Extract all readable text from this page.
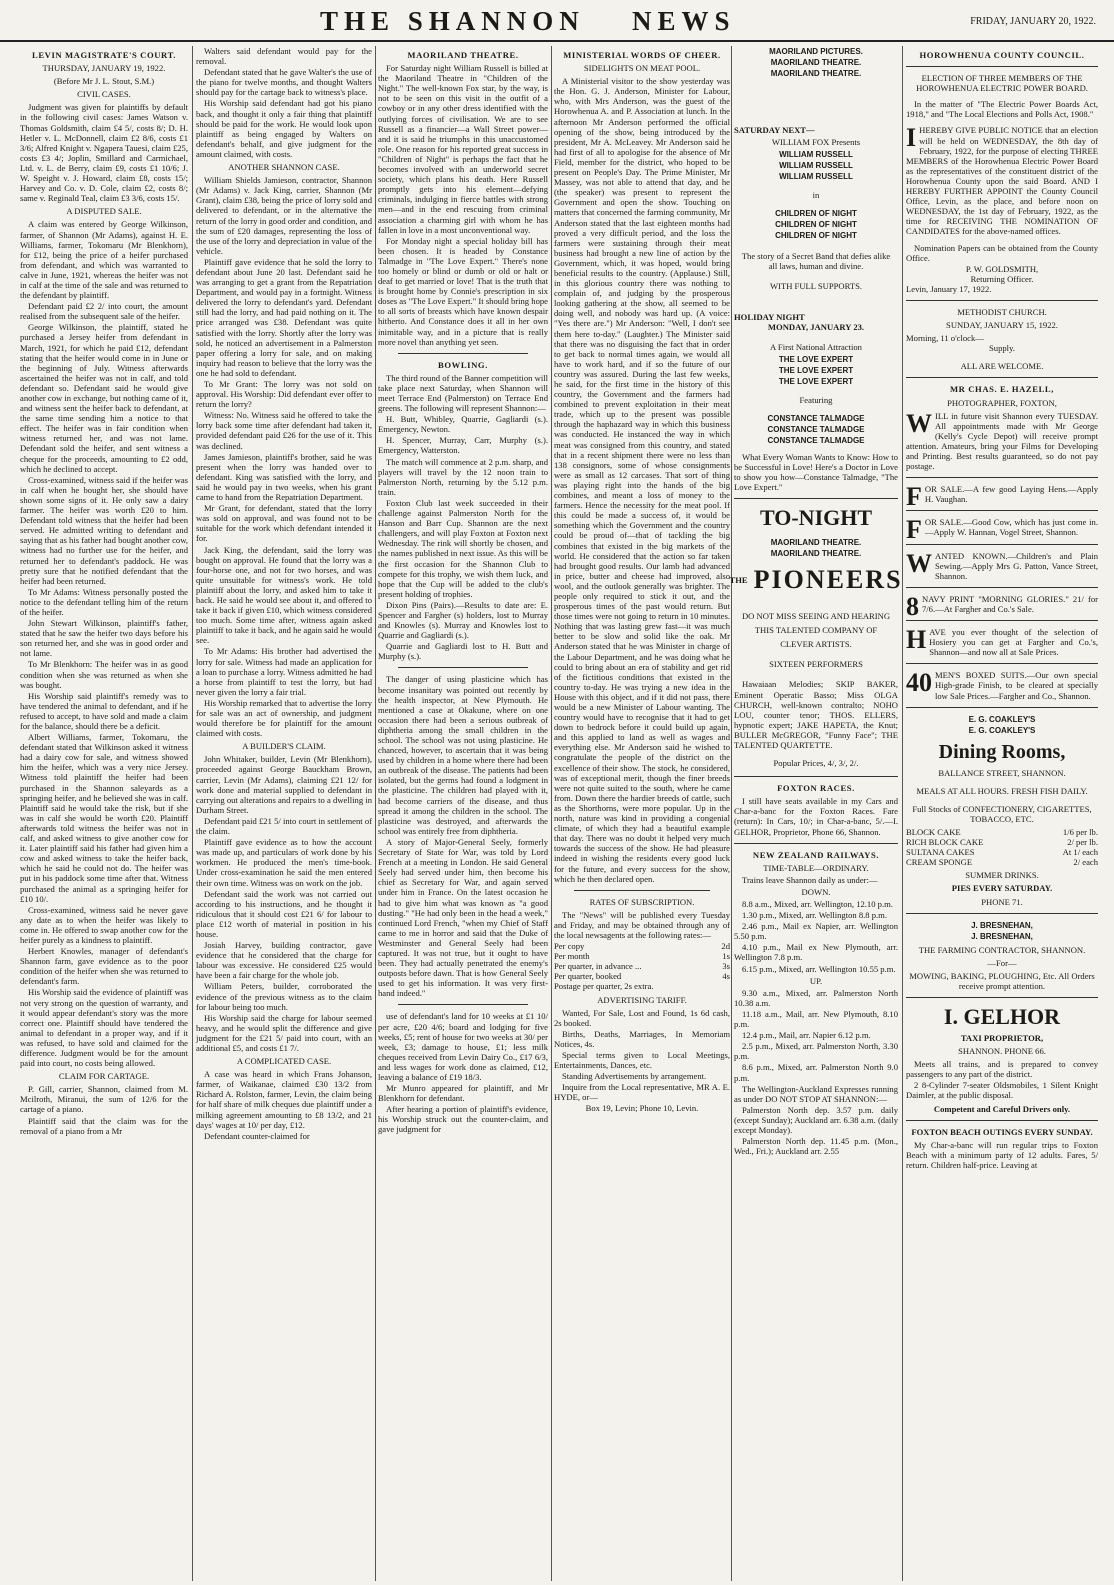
THE SHANNON NEWS	FRIDAY, JANUARY 20, 1922.
LEVIN MAGISTRATE'S COURT.
THURSDAY, JANUARY 19, 1922.
(Before Mr J. L. Stout, S.M.)
CIVIL CASES.

Judgment was given for plaintiffs by default in the following civil cases: James Watson v. Thomas Goldsmith, claim £4 5/, costs 8/; D. H. Hetler v. L. McDonnell, claim £2 8/6, costs £1 3/6; Alfred Knight v. Ngapera Tauesi, claim £25, costs £3 4/; Joplin, Smillard and Carmichael, Ltd. v. L. de Berry, claim £9, costs £1 10/6; J. W. Speight v. J. Howard, claim £8, costs 15/; Harvey and Co. v. D. Cole, claim £2, costs 8/; same v. Reginald Teal, claim £3 3/6, costs 15/.

A DISPUTED SALE.

A claim was entered by George Wilkinson, farmer, of Shannon (Mr Adams), against H. E. Williams, farmer, Tokomaru (Mr Blenkhorn), for £12, being the price of a heifer purchased from defendant, and which was warranted to calve in June, 1921, whereas the heifer was not in calf at the time of the sale and was returned to the defendant by plaintiff.

Defendant paid £2 2/ into court, the amount realised from the subsequent sale of the heifer.

George Wilkinson, the plaintiff, stated he purchased a Jersey heifer from defendant in March, 1921, for which he paid £12, defendant stating that the heifer would come in in June or the beginning of July. Witness afterwards ascertained the heifer was not in calf, and told defendant so. Defendant said he would give another cow in exchange, but nothing came of it, and witness sent the heifer back to defendant, at the same time sending him a notice to that effect. The heifer was in fair condition when witness returned her, and was not lame. Defendant sold the heifer, and sent witness a cheque for the proceeds, amounting to £2 odd, which he declined to accept.

Cross-examined, witness said if the heifer was in calf when he bought her, she should have shown some signs of it. He only saw a dairy farmer. The heifer was worth £20 to him. Defendant told witness that the heifer had been served. He admitted writing to defendant and saying that as his father had bought another cow, witness had no further use for the heifer, and returned her to defendant's paddock. He was pretty sure that he notified defendant that the heifer had been returned.

To Mr Adams: Witness personally posted the notice to the defendant telling him of the return of the heifer.

John Stewart Wilkinson, plaintiff's father, stated that he saw the heifer two days before his son returned her, and she was in good order and not lame.

To Mr Blenkhorn: The heifer was in as good condition when she was returned as when she was bought.

His Worship said plaintiff's remedy was to have tendered the animal to defendant, and if he refused to accept, to have sold and made a claim for the balance, should there be a deficit.

Albert Williams, farmer, Tokomaru, the defendant stated that Wilkinson asked it witness had a dairy cow for sale, and witness showed him the heifer, which was a very nice Jersey. Witness told plaintiff the heifer had been purchased in the Shannon saleyards as a springing heifer, and he believed she was in calf. Plaintiff said he would take the risk, but if she was in calf she would be worth £20. Plaintiff afterwards told witness the heifer was not in calf, and asked witness to give another cow for it. Later plaintiff said his father had given him a cow and asked witness to take the heifer back, which he said he could not do. The heifer was put in his paddock some time after that. Witness purchased the animal as a springing heifer for £10 10/.

Cross-examined, witness said he never gave any date as to when the heifer was likely to come in. He offered to swap another cow for the heifer purely as a kindness to plaintiff.

Herbert Knowles, manager of defendant's Shannon farm, gave evidence as to the poor condition of the heifer when she was returned to defendant's farm.

His Worship said the evidence of plaintiff was not very strong on the question of warranty, and it would appear defendant's story was the more correct one. Plaintiff should have tendered the animal to defendant in a proper way, and if it was refused, to have sold and claimed for the difference. Judgment would be for the amount paid into court, no costs being allowed.

CLAIM FOR CARTAGE.

P. Gill, carrier, Shannon, claimed from M. Mcilroth, Miranui, the sum of 12/6 for the cartage of a piano.

Plaintiff said that the claim was for the removal of a piano from a Mr

Walters said defendant would pay for the removal.

Defendant stated that he gave Walter's the use of the piano for twelve months, and thought Walters should pay for the cartage back to witness's place.

His Worship said defendant had got his piano back, and thought it only a fair thing that plaintiff should be paid for the work. He would look upon plaintiff as being engaged by Walters on defendant's behalf, and give judgment for the amount claimed, with costs.

ANOTHER SHANNON CASE.

William Shields Jamieson, contractor, Shannon (Mr Adams) v. Jack King, carrier, Shannon (Mr Grant), claim £38, being the price of lorry sold and delivered to defendant, or in the alternative the return of the lorry in good order and condition, and the sum of £20 damages, representing the loss of the use of the lorry and depreciation in value of the vehicle.

Plaintiff gave evidence that he sold the lorry to defendant about June 20 last. Defendant said he was arranging to get a grant from the Repatriation Department, and would pay in a fortnight. Witness delivered the lorry to defendant's yard. Defendant still had the lorry, and had paid nothing on it. The price arranged was £38. Defendant was quite satisfied with the lorry. Shortly after the lorry was sold, he noticed an advertisement in a Palmerston paper offering a lorry for sale, and on making inquiry had reason to believe that the lorry was the one he had sold to defendant.

To Mr Grant: The lorry was not sold on approval. His Worship: Did defendant ever offer to return the lorry?

Witness: No. Witness said he offered to take the lorry back some time after defendant had taken it, provided defendant paid £26 for the use of it. This was declined.

James Jamieson, plaintiff's brother, said he was present when the lorry was handed over to defendant. King was satisfied with the lorry, and said he would pay in two weeks, when his grant came to hand from the Repatriation Department.

Mr Grant, for defendant, stated that the lorry was sold on approval, and was found not to be suitable for the work which defendant intended it for.

Jack King, the defendant, said the lorry was bought on approval. He found that the lorry was a four-horse one, and not for two horses, and was quite unsuitable for witness's work. He told plaintiff about the lorry, and asked him to take it back. He said he would see about it, and offered to take it back if given £10, which witness considered too much. Some time after, witness again asked plaintiff to take it back, and he again said he would see.

To Mr Adams: His brother had advertised the lorry for sale. Witness had made an application for a loan to purchase a lorry. Witness admitted he had a horse from plaintiff to test the lorry, but had never given the lorry a fair trial.

His Worship remarked that to advertise the lorry for sale was an act of ownership, and judgment would therefore be for plaintiff for the amount claimed with costs.

A BUILDER'S CLAIM.

John Whitaker, builder, Levin (Mr Blenkhorn), proceeded against George Bauckham Brown, carrier, Levin (Mr Adams), claiming £21 12/ for work done and material supplied to defendant in carrying out alterations and repairs to a dwelling in Durham Street.

Defendant paid £21 5/ into court in settlement of the claim.

Plaintiff gave evidence as to how the account was made up, and particulars of work done by his workmen. He produced the men's time-book. Under cross-examination he said the men entered their own time. Witness was on work on the job.

Defendant said the work was not carried out according to his instructions, and he thought it ridiculous that it should cost £21 6/ for labour to place £12 worth of material in position in his house.

Josiah Harvey, building contractor, gave evidence that he considered that the charge for labour was excessive. He considered £25 would have been a fair charge for the whole job.

William Peters, builder, corroborated the evidence of the previous witness as to the claim for labour being too much.

His Worship said the charge for labour seemed heavy, and he would split the difference and give judgment for the £21 5/ paid into court, with an additional £5, and costs £1 7/.

A COMPLICATED CASE.

A case was heard in which Frans Johanson, farmer, of Waikanae, claimed £30 13/2 from Richard A. Rolston, farmer, Levin, the claim being for half share of milk cheques due plaintiff under a milking agreement amounting to £8 13/2, and 21 days' wages at 10/ per day, £12.

Defendant counter-claimed for

MAORILAND THEATRE.

For Saturday night William Russell is billed at the Maoriland Theatre in "Children of the Night." The well-known Fox star, by the way, is not to be seen on this visit in the outfit of a cowboy or in any other dress identified with the outlying forces of civilisation. We are to see Russell as a financier—a Wall Street power—and it is said he triumphs in this unaccustomed role. One reason for his reported great success in "Children of Night" is perhaps the fact that he becomes involved with an underworld secret society, which plans his death. Here Russell promptly gets into his element—defying criminals, indulging in fierce battles with strong men—and in the end rescuing from criminal association a charming girl with whom he has fallen in love in a most unconventional way.

For Monday night a special holiday bill has been chosen. It is headed by Constance Talmadge in "The Love Expert." There's none too homely or blind or dumb or old or halt or deaf to get married or love! That is the truth that is brought home by Connie's prescription in six doses as "The Love Expert." It should bring hope to all sorts of breasts which have known despair hitherto. And Constance does it all in her own inimitable way, and in a picture that is really more novel than anything yet seen.

BOWLING.

The third round of the Banner competition will take place next Saturday, when Shannon will meet Terrace End (Palmerston) on Terrace End greens. The following will represent Shannon:—

H. Butt, Whibley, Quarrie, Gagliardi (s.). Emergency, Newton.

H. Spencer, Murray, Carr, Murphy (s.). Emergency, Watterston.

The match will commence at 2 p.m. sharp, and players will travel by the 12 noon train to Palmerston North, returning by the 5.12 p.m. train.

Foxton Club last week succeeded in their challenge against Palmerston North for the Hanson and Barr Cup. Shannon are the next challengers, and will play Foxton at Foxton next Wednesday. The rink will shortly be chosen, and the names published in next issue. As this will be the first occasion for the Shannon Club to compete for this trophy, we wish them luck, and hope that the Cup will be added to the club's present holding of trophies.

Dixon Pins (Pairs).—Results to date are: E. Spencer and Fargher (s) holders, lost to Murray and Knowles (s). Murray and Knowles lost to Quarrie and Gagliardi (s.).

Quarrie and Gagliardi lost to H. Butt and Murphy (s.).

The danger of using plasticine which has become insanitary was pointed out recently by the health inspector, at New Plymouth. He mentioned a case at Okakune, where on one occasion there had been a serious outbreak of diphtheria among the small children in the school. The school was not using plasticine. He chanced, however, to ascertain that it was being used by children in a home where there had been an outbreak of the disease. The patients had been isolated, but the germs had found a lodgment in the plasticine. The children had played with it, had become carriers of the disease, and thus spread it among the children in the school. The plasticine was destroyed, and afterwards the school was entirely free from diphtheria.

A story of Major-General Seely, formerly Secretary of State for War, was told by Lord French at a meeting in London. He said General Seely had served under him, then become his chief as Secretary for War, and again served under him in France. On the latest occasion he had to give him what was known as "a good dusting." "He had only been in the head a week," continued Lord French, "when my Chief of Staff came to me in horror and said that the Duke of Westminster and General Seely had been captured. It was not true, but it ought to have been. They had actually penetrated the enemy's outposts before dawn. That is how General Seely used to get his information. It was very first-hand indeed."

use of defendant's land for 10 weeks at £1 10/ per acre, £20 4/6; board and lodging for five weeks, £5; rent of house for two weeks at 30/ per week, £3; damage to house, £1; less milk cheques received from Levin Dairy Co., £17 6/3, and less wages for work done as claimed, £12, leaving a balance of £19 18/3.

Mr Munro appeared for plaintiff, and Mr Blenkhorn for defendant.

After hearing a portion of plaintiff's evidence, his Worship struck out the counter-claim, and gave judgment for

MINISTERIAL WORDS OF CHEER.
SIDELIGHTS ON MEAT POOL.

A Ministerial visitor to the show yesterday was the Hon. G. J. Anderson, Minister for Labour, who, with Mrs Anderson, was the guest of the Horowhenua A. and P. Association at lunch. In the afternoon Mr Anderson performed the official opening of the show, being introduced by the president, Mr A. McLeavey. Mr Anderson said he had first of all to apologise for the absence of Mr Field, member for the district, who hoped to be present on People's Day. The Prime Minister, Mr Massey, was not able to attend that day, and he (the speaker) was present to represent the Government and open the show. Touching on matters that concerned the farming community, Mr Anderson stated that the last eighteen months had proved a very difficult period, and the loss the farmers were sustaining through their meat business had brought a new line of action by the Government, which, it was hoped, would bring beneficial results to the country. (Applause.) Still, in this glorious country there was nothing to complain of, and judging by the prosperous looking gathering at the show, all seemed to be doing well, and nobody was hard up. (A voice: "Yes there are.") Mr Anderson: "Well, I don't see them here to-day." (Laughter.) The Minister said that there was no disguising the fact that in order to get back to normal times again, we would all have to work hard, and if so the future of our country was assured. During the last few weeks, he said, for the first time in the history of this country, the Government and the farmers had combined to prevent exploitation in their meat trade, which up to the present was possible through the haphazard way in which this business was conducted. He instanced the way in which meat was consigned from this country, and stated that in a recent shipment there were no less than 138 consignors, some of whose consignments were as small as 12 carcases. That sort of thing was playing right into the hands of the big combines, and meant a loss of money to the farmers. Hence the necessity for the meat pool. If this could be made a success of, it would be something which the Government and the country could be proud of—that of tackling the big combines that existed in the big markets of the world. He considered that the action so far taken had brought good results. Our lamb had advanced in price, butter and cheese had improved, also wool, and the outlook generally was brighter. The people only required to stick it out, and the prosperous times of the past would return. But those times were not going to return in 10 minutes. Nothing that was lasting grew fast—it was much better to be slow and solid like the oak. Mr Anderson stated that he was Minister in charge of the Labour Department, and he was doing what he could to bring about an era of stability and get rid of the fictitious conditions that existed in the country to-day. He was trying a new idea in the House with this object, and if it did not pass, there would be a new Minister of Labour wanting. The country would have to recognise that it had to get down to bedrock before it could build up again, and this applied to land as well as wages and everything else. Mr Anderson said he wished to congratulate the people of the district on the excellence of their show. The stock, he considered, was of exceptional merit, though the finer breeds were not quite suited to the south, where he came from. Down there the hardier breeds of cattle, such as the Shorthorns, were more popular. Up in the north, nature was kind in providing a congenial climate, of which they had a beautiful example that day. There was no doubt it helped very much towards the success of the show. He had pleasure indeed in wishing the residents every good luck for the future, and every success for the show, which he then declared open.

RATES OF SUBSCRIPTION.

The "News" will be published every Tuesday and Friday, and may be obtained through any of the local newsagents at the following rates:—

Per copy	2d
Per month	1s
Per quarter, in advance ...	3s
Per quarter, booked	4s
Postage per quarter, 2s extra.	
ADVERTISING TARIFF.

Wanted, For Sale, Lost and Found, 1s 6d cash, 2s booked.

Births, Deaths, Marriages, In Memoriam Notices, 4s.

Special terms given to Local Meetings, Entertainments, Dances, etc.

Standing Advertisements by arrangement.

Inquire from the Local representative, MR A. E. HYDE, or—

Box 19, Levin; Phone 10, Levin.
MAORILAND PICTURES.
MAORILAND THEATRE.
MAORILAND THEATRE.
SATURDAY NEXT—
WILLIAM FOX Presents
WILLIAM RUSSELL
WILLIAM RUSSELL
WILLIAM RUSSELL
in
CHILDREN OF NIGHT
CHILDREN OF NIGHT
CHILDREN OF NIGHT
The story of a Secret Band that defies alike all laws, human and divine.
WITH FULL SUPPORTS.
HOLIDAY NIGHT
MONDAY, JANUARY 23.
A First National Attraction
THE LOVE EXPERT
THE LOVE EXPERT
THE LOVE EXPERT
Featuring
CONSTANCE TALMADGE
CONSTANCE TALMADGE
CONSTANCE TALMADGE

What Every Woman Wants to Know: How to be Successful in Love! Here's a Doctor in Love to show you how—Constance Talmadge, "The Love Expert."

TO-NIGHT
MAORILAND THEATRE.
MAORILAND THEATRE.
THE PIONEERS
DO NOT MISS SEEING AND HEARING THIS TALENTED COMPANY OF CLEVER ARTISTS.
SIXTEEN PERFORMERS

Hawaiaan Melodies; SKIP BAKER, Eminent Operatic Basso; Miss OLGA CHURCH, well-known contralto; NOHO LOU, counter tenor; THOS. ELLERS, hypnotic expert; JAKE HAPETA, the Knut; BULLER McGREGOR, "Funny Face"; THE TALENTED QUARTETTE.

Popular Prices, 4/, 3/, 2/.
FOXTON RACES.

I still have seats available in my Cars and Char-a-banc for the Foxton Races. Fare (return): In Cars, 10/; in Char-a-banc, 5/.—I. GELHOR, Proprietor, Phone 66, Shannon.

NEW ZEALAND RAILWAYS.
TIME-TABLE—ORDINARY.

Trains leave Shannon daily as under:—

DOWN.

8.8 a.m., Mixed, arr. Wellington, 12.10 p.m.

1.30 p.m., Mixed, arr. Wellington 8.8 p.m.

2.46 p.m., Mail ex Napier, arr. Wellington 5.50 p.m.

4.10 p.m., Mail ex New Plymouth, arr. Wellington 7.8 p.m.

6.15 p.m., Mixed, arr. Wellington 10.55 p.m.

UP.

9.30 a.m., Mixed, arr. Palmerston North 10.38 a.m.

11.18 a.m., Mail, arr. New Plymouth, 8.10 p.m.

12.4 p.m., Mail, arr. Napier 6.12 p.m.

2.5 p.m., Mixed, arr. Palmerston North, 3.30 p.m.

8.6 p.m., Mixed, arr. Palmerston North 9.0 p.m.

The Wellington-Auckland Expresses running as under DO NOT STOP AT SHANNON:—

Palmerston North dep. 3.57 p.m. daily (except Sunday); Auckland arr. 6.38 a.m. (daily except Monday).

Palmerston North dep. 11.45 p.m. (Mon., Wed., Fri.); Auckland arr. 2.55

HOROWHENUA COUNTY COUNCIL.
ELECTION OF THREE MEMBERS OF THE HOROWHENUA ELECTRIC POWER BOARD.

In the matter of "The Electric Power Boards Act, 1918," and "The Local Elections and Polls Act, 1908."

I HEREBY GIVE PUBLIC NOTICE that an election will be held on WEDNESDAY, the 8th day of February, 1922, for the purpose of electing THREE MEMBERS of the Horowhenua Electric Power Board as the representatives of the constituent district of the Horowhenua County upon the said Board. AND I HEREBY FURTHER APPOINT the County Council Office, Levin, as the place, and before noon on WEDNESDAY, the 1st day of February, 1922, as the time for RECEIVING THE NOMINATION OF CANDIDATES for the above-named offices.

Nomination Papers can be obtained from the County Office.

P. W. GOLDSMITH,
Returning Officer.
Levin, January 17, 1922.
METHODIST CHURCH.
SUNDAY, JANUARY 15, 1922.
Morning, 11 o'clock—
Supply.
ALL ARE WELCOME.
MR CHAS. E. HAZELL,
PHOTOGRAPHER, FOXTON,
W ILL in future visit Shannon every TUESDAY. All appointments made with Mr George (Kelly's Cycle Depot) will receive prompt attention. Amateurs, bring your Films for Developing and Printing. Best results guaranteed, so do not pay postage.
FOR SALE.—A few good Laying Hens.—Apply H. Vaughan.
FOR SALE.—Good Cow, which has just come in.—Apply W. Hannan, Vogel Street, Shannon.
WANTED KNOWN.—Children's and Plain Sewing.—Apply Mrs G. Patton, Vance Street, Shannon.
8 NAVY PRINT "MORNING GLORIES." 21/ for 7/6.—At Fargher and Co.'s Sale.
HAVE you ever thought of the selection of Hosiery you can get at Fargher and Co.'s, Shannon—and now all at Sale Prices.
40 MEN'S BOXED SUITS.—Our own special High-grade Finish, to be cleared at specially low Sale Prices.—Fargher and Co., Shannon.
E. G. COAKLEY'S
E. G. COAKLEY'S
Dining Rooms,
BALLANCE STREET, SHANNON.
MEALS AT ALL HOURS. FRESH FISH DAILY.
Full Stocks of CONFECTIONERY, CIGARETTES, TOBACCO, ETC.
BLOCK CAKE	1/6 per lb.
RICH BLOCK CAKE	2/ per lb.
SULTANA CAKES	At 1/ each
CREAM SPONGE	2/ each
SUMMER DRINKS.
PIES EVERY SATURDAY.
PHONE 71.
J. BRESNEHAN,
J. BRESNEHAN,
THE FARMING CONTRACTOR, SHANNON.
—For—
MOWING, BAKING, PLOUGHING, Etc. All Orders receive prompt attention.
I. GELHOR
TAXI PROPRIETOR,
SHANNON. PHONE 66.

Meets all trains, and is prepared to convey passengers to any part of the district.

2 8-Cylinder 7-seater Oldsmobiles, 1 Silent Knight Daimler, at the public disposal.

Competent and Careful Drivers only.
FOXTON BEACH OUTINGS EVERY SUNDAY.

My Char-a-banc will run regular trips to Foxton Beach with a minimum party of 12 adults. Fares, 5/ return. Children half-price. Leaving at
